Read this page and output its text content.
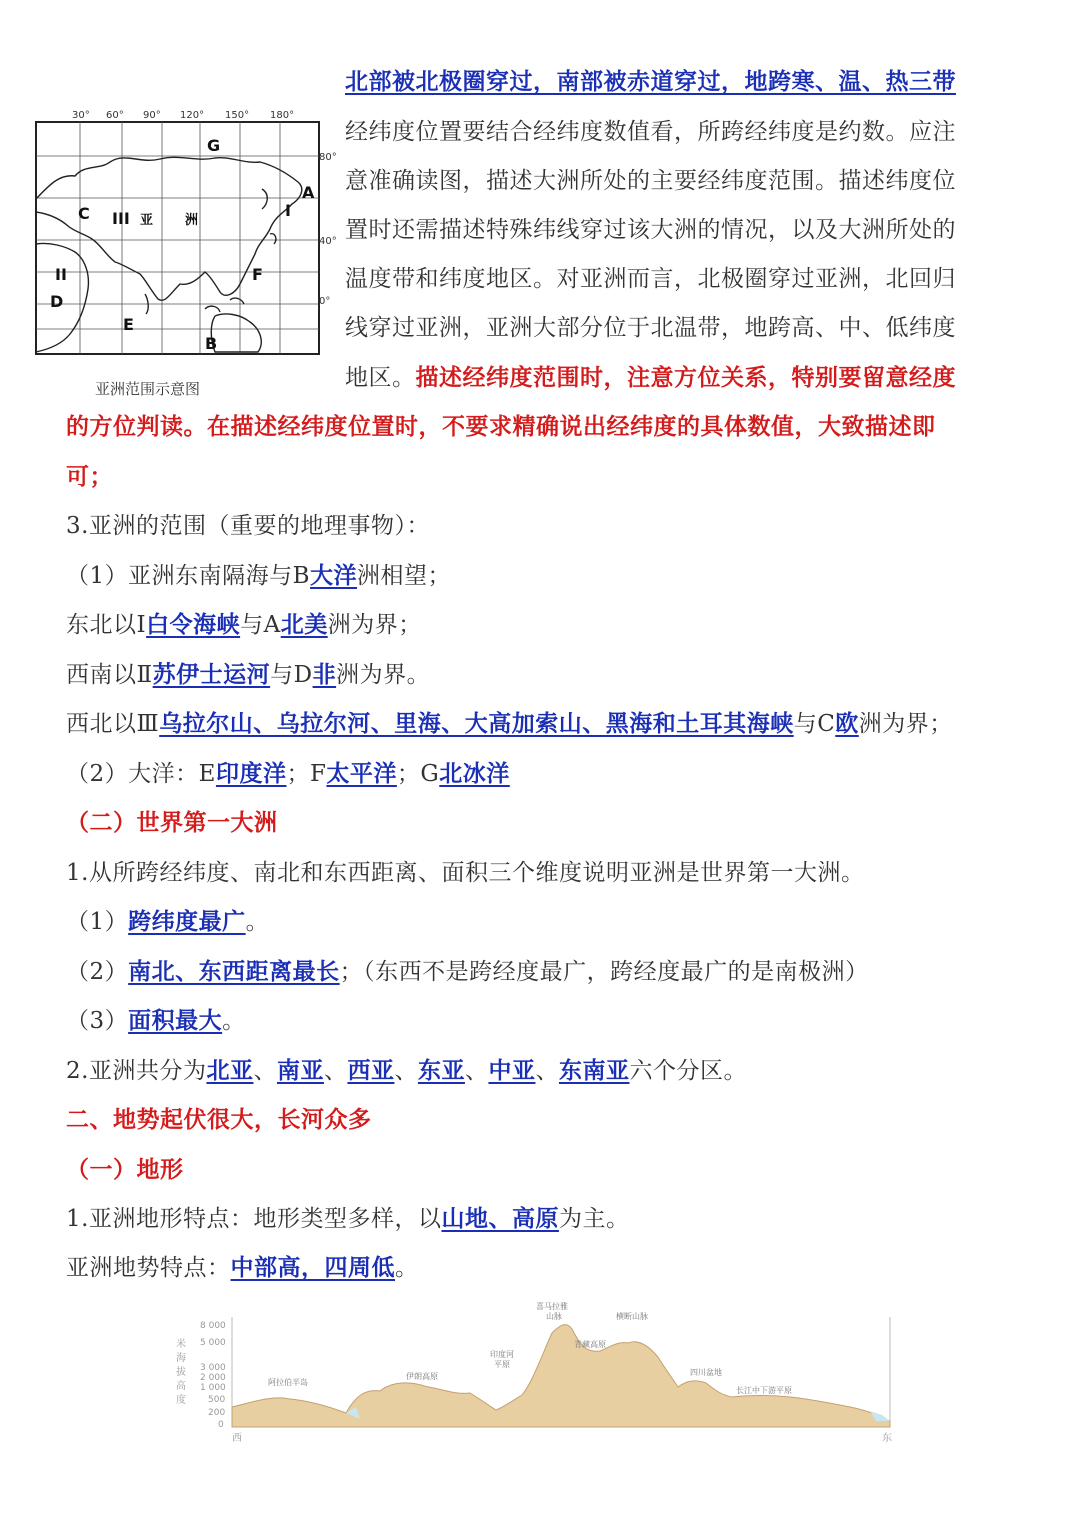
30° 60° 90° 120° 150° 180°
80°
40°
0°
G
A
C III 亚 洲
I
II
D
F
E
B
亚洲范围示意图
北部被北极圈穿过，南部被赤道穿过，地跨寒、温、热三带
经纬度位置要结合经纬度数值看，所跨经纬度是约数。应注
意准确读图，描述大洲所处的主要经纬度范围。描述纬度位
置时还需描述特殊纬线穿过该大洲的情况，以及大洲所处的
温度带和纬度地区。对亚洲而言，北极圈穿过亚洲，北回归
线穿过亚洲，亚洲大部分位于北温带，地跨高、中、低纬度
地区。描述经纬度范围时，注意方位关系，特别要留意经度
的方位判读。在描述经纬度位置时，不要求精确说出经纬度的具体数值，大致描述即
可；
3.亚洲的范围（重要的地理事物）：
（1）亚洲东南隔海与B大洋洲相望；
东北以Ⅰ白令海峡与A北美洲为界；
西南以Ⅱ苏伊士运河与D非洲为界。
西北以Ⅲ乌拉尔山、乌拉尔河、里海、大高加索山、黑海和土耳其海峡与C欧洲为界；
（2）大洋：E印度洋；F太平洋；G北冰洋
（二）世界第一大洲
1.从所跨经纬度、南北和东西距离、面积三个维度说明亚洲是世界第一大洲。
（1）跨纬度最广。
（2）南北、东西距离最长；（东西不是跨经度最广，跨经度最广的是南极洲）
（3）面积最大。
2.亚洲共分为北亚、南亚、西亚、东亚、中亚、东南亚六个分区。
二、地势起伏很大，长河众多
（一）地形
1.亚洲地形特点：地形类型多样，以山地、高原为主。
亚洲地势特点：中部高，四周低。
8 000
5 000
3 000
2 000
1 000
500
200
0
米
海
拔
高
度
阿拉伯半岛
伊朗高原
印度河
平原
喜马拉雅
山脉	横断山脉
青藏高原
四川盆地
长江中下游平原
西	东
